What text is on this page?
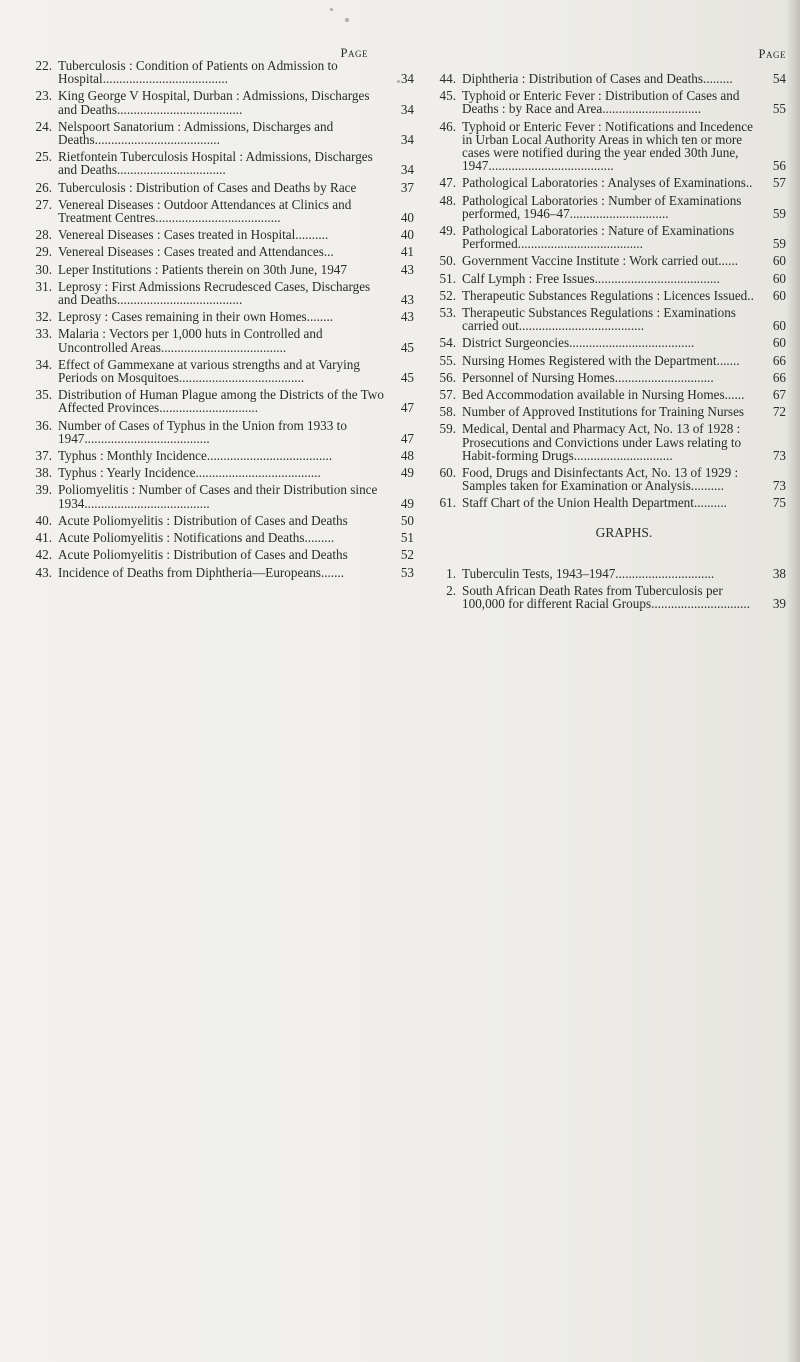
Page
22. Tuberculosis : Condition of Patients on Admission to Hospital......................................	34
23. King George V Hospital, Durban : Admissions, Discharges and Deaths......................................	34
24. Nelspoort Sanatorium : Admissions, Discharges and Deaths......................................	34
25. Rietfontein Tuberculosis Hospital : Admissions, Discharges and Deaths.................................	34
26. Tuberculosis : Distribution of Cases and Deaths by Race	37
27. Venereal Diseases : Outdoor Attendances at Clinics and Treatment Centres......................................	40
28. Venereal Diseases : Cases treated in Hospital..........	40
29. Venereal Diseases : Cases treated and Attendances...	41
30. Leper Institutions : Patients therein on 30th June, 1947	43
31. Leprosy : First Admissions Recrudesced Cases, Discharges and Deaths......................................	43
32. Leprosy : Cases remaining in their own Homes........	43
33. Malaria : Vectors per 1,000 huts in Controlled and Uncontrolled Areas......................................	45
34. Effect of Gammexane at various strengths and at Varying Periods on Mosquitoes......................................	45
35. Distribution of Human Plague among the Districts of the Two Affected Provinces..............................	47
36. Number of Cases of Typhus in the Union from 1933 to 1947......................................	47
37. Typhus : Monthly Incidence......................................	48
38. Typhus : Yearly Incidence......................................	49
39. Poliomyelitis : Number of Cases and their Distribution since 1934......................................	49
40. Acute Poliomyelitis : Distribution of Cases and Deaths	50
41. Acute Poliomyelitis : Notifications and Deaths.........	51
42. Acute Poliomyelitis : Distribution of Cases and Deaths	52
43. Incidence of Deaths from Diphtheria—Europeans.......	53
Page
44. Diphtheria : Distribution of Cases and Deaths.........	54
45. Typhoid or Enteric Fever : Distribution of Cases and Deaths : by Race and Area..............................	55
46. Typhoid or Enteric Fever : Notifications and Incedence in Urban Local Authority Areas in which ten or more cases were notified during the year ended 30th June, 1947......................................	56
47. Pathological Laboratories : Analyses of Examinations..	57
48. Pathological Laboratories : Number of Examinations performed, 1946–47..............................	59
49. Pathological Laboratories : Nature of Examinations Performed......................................	59
50. Government Vaccine Institute : Work carried out......	60
51. Calf Lymph : Free Issues......................................	60
52. Therapeutic Substances Regulations : Licences Issued..	60
53. Therapeutic Substances Regulations : Examinations carried out......................................	60
54. District Surgeoncies......................................	60
55. Nursing Homes Registered with the Department.......	66
56. Personnel of Nursing Homes..............................	66
57. Bed Accommodation available in Nursing Homes......	67
58. Number of Approved Institutions for Training Nurses	72
59. Medical, Dental and Pharmacy Act, No. 13 of 1928 : Prosecutions and Convictions under Laws relating to Habit-forming Drugs..............................	73
60. Food, Drugs and Disinfectants Act, No. 13 of 1929 : Samples taken for Examination or Analysis..........	73
61. Staff Chart of the Union Health Department..........	75
GRAPHS.
1. Tuberculin Tests, 1943–1947..............................	38
2. South African Death Rates from Tuberculosis per 100,000 for different Racial Groups..............................	39
